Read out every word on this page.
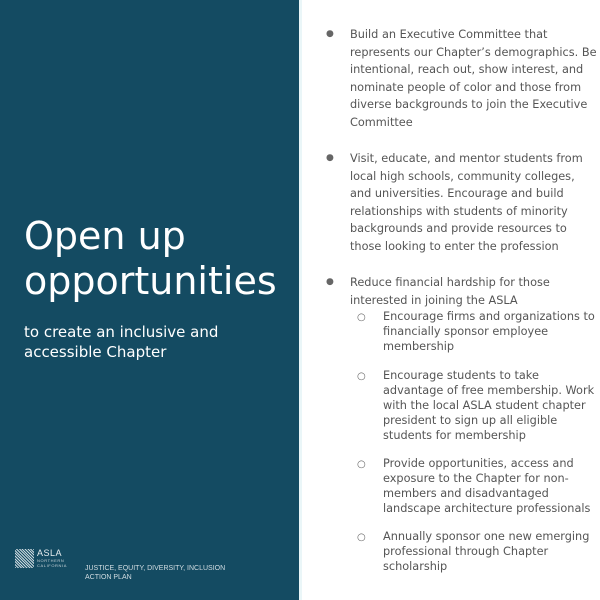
Open up
opportunities
to create an inclusive and
accessible Chapter
ASLA
NORTHERN
CALIFORNIA	JUSTICE, EQUITY, DIVERSITY, INCLUSION
ACTION PLAN
● Build an Executive Committee that represents our Chapter’s demographics. Be intentional, reach out, show interest, and nominate people of color and those from diverse backgrounds to join the Executive Committee
● Visit, educate, and mentor students from local high schools, community colleges, and universities. Encourage and build relationships with students of minority backgrounds and provide resources to those looking to enter the profession
● Reduce financial hardship for those interested in joining the ASLA
○ Encourage firms and organizations to financially sponsor employee membership
○ Encourage students to take advantage of free membership. Work with the local ASLA student chapter president to sign up all eligible students for membership
○ Provide opportunities, access and exposure to the Chapter for non-members and disadvantaged landscape architecture professionals
○ Annually sponsor one new emerging professional through Chapter scholarship
